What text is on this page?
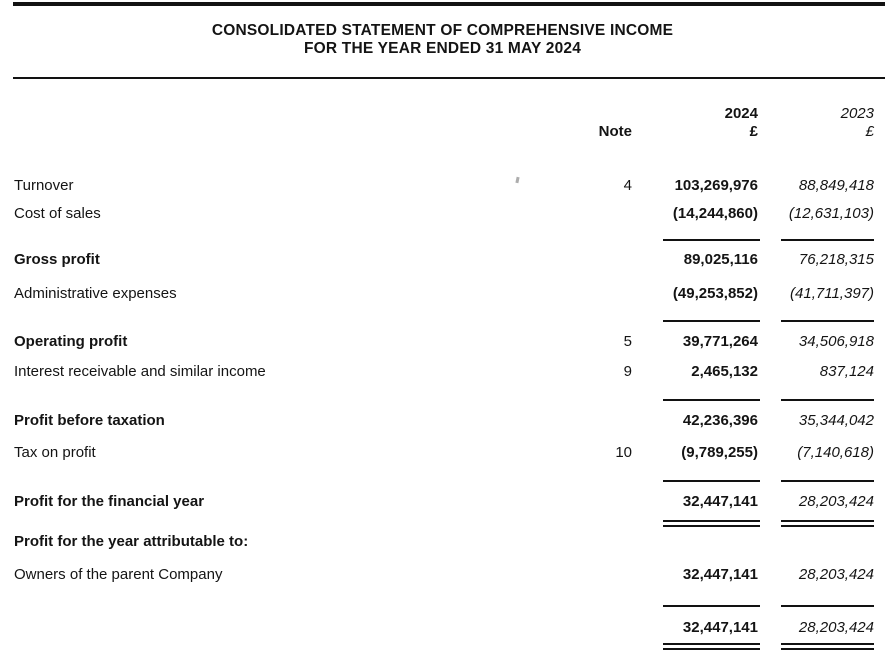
CONSOLIDATED STATEMENT OF COMPREHENSIVE INCOME
FOR THE YEAR ENDED 31 MAY 2024
2024	2023
Note	£	£
Turnover	4	103,269,976	88,849,418
Cost of sales	(14,244,860)	(12,631,103)
Gross profit	89,025,116	76,218,315
Administrative expenses	(49,253,852)	(41,711,397)
Operating profit	5	39,771,264	34,506,918
Interest receivable and similar income	9	2,465,132	837,124
Profit before taxation	42,236,396	35,344,042
Tax on profit	10	(9,789,255)	(7,140,618)
Profit for the financial year	32,447,141	28,203,424
Profit for the year attributable to:
Owners of the parent Company	32,447,141	28,203,424
32,447,141	28,203,424
